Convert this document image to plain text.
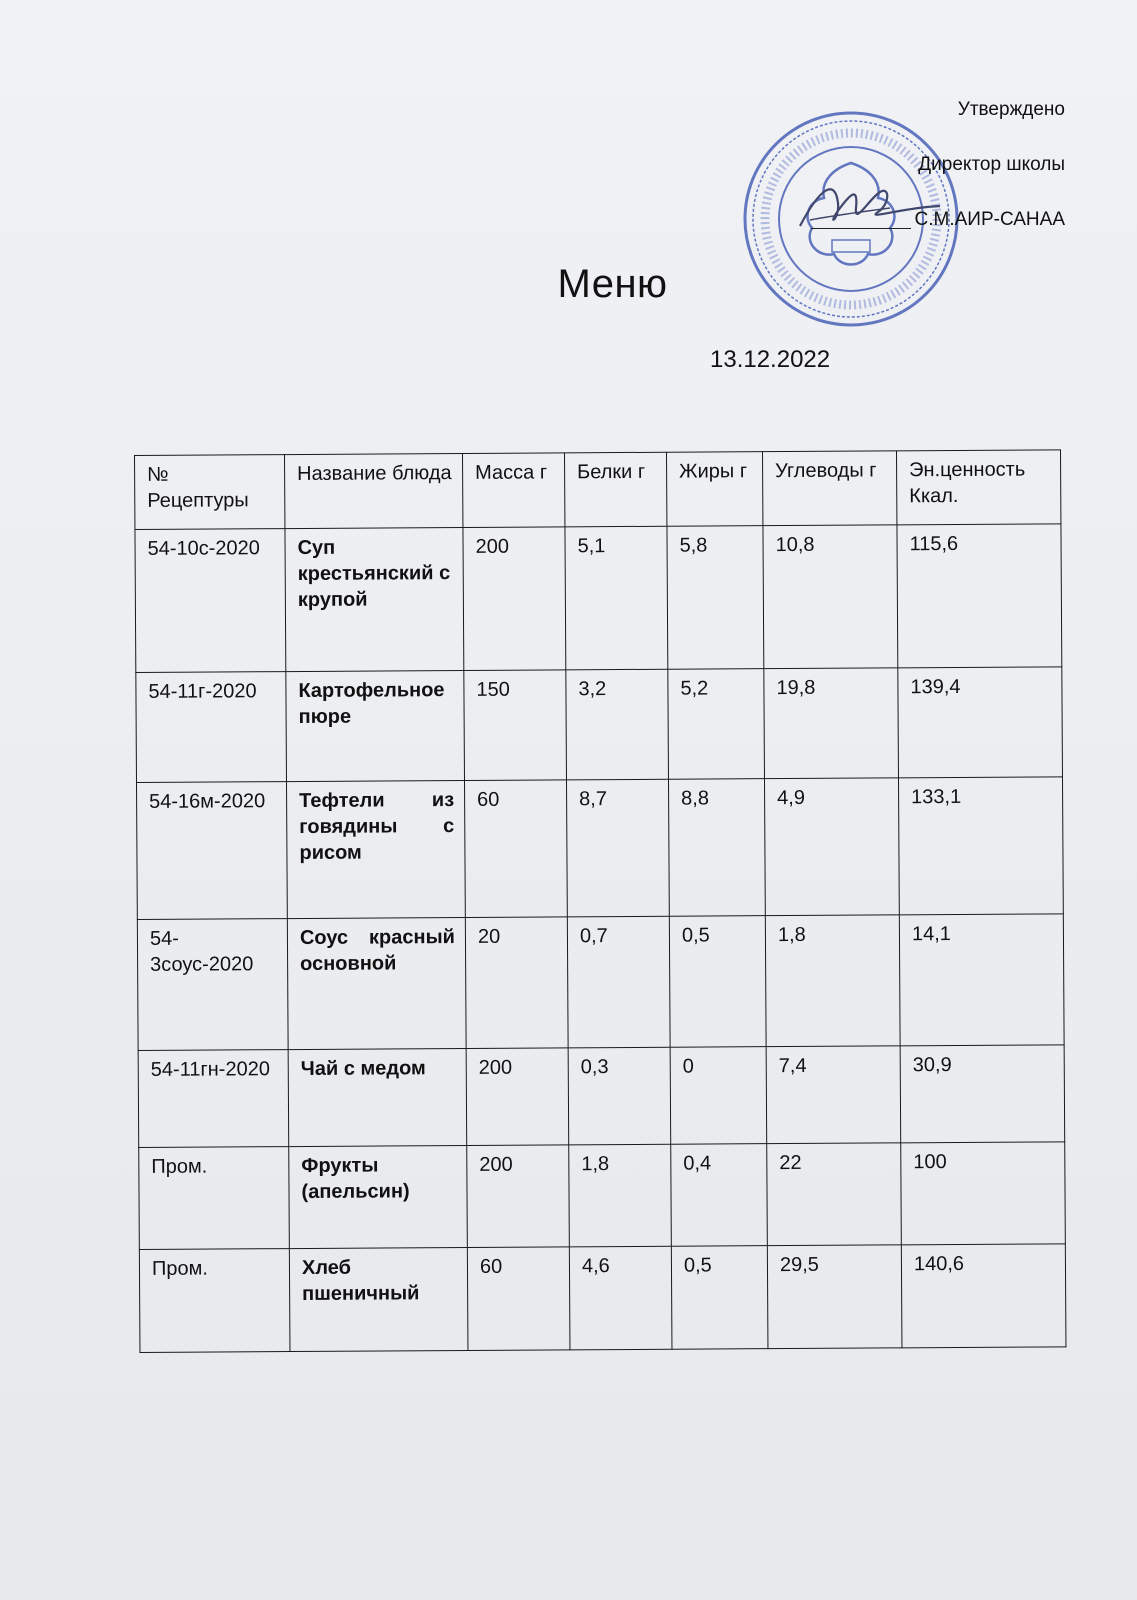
Утверждено
Директор школы
С.М.АИР-САНАА
Меню
13.12.2022
№ Рецептуры	Название блюда	Масса г	Белки г	Жиры г	Углеводы г	Эн.ценность Ккал.
54-10с-2020	Суп крестьянский с крупой	200	5,1	5,8	10,8	115,6
54-11г-2020	Картофельное пюре	150	3,2	5,2	19,8	139,4
54-16м-2020	Тефтели из говядины с рисом	60	8,7	8,8	4,9	133,1
54-3соус-2020	Соус красный основной	20	0,7	0,5	1,8	14,1
54-11гн-2020	Чай с медом	200	0,3	0	7,4	30,9
Пром.	Фрукты (апельсин)	200	1,8	0,4	22	100
Пром.	Хлеб пшеничный	60	4,6	0,5	29,5	140,6
